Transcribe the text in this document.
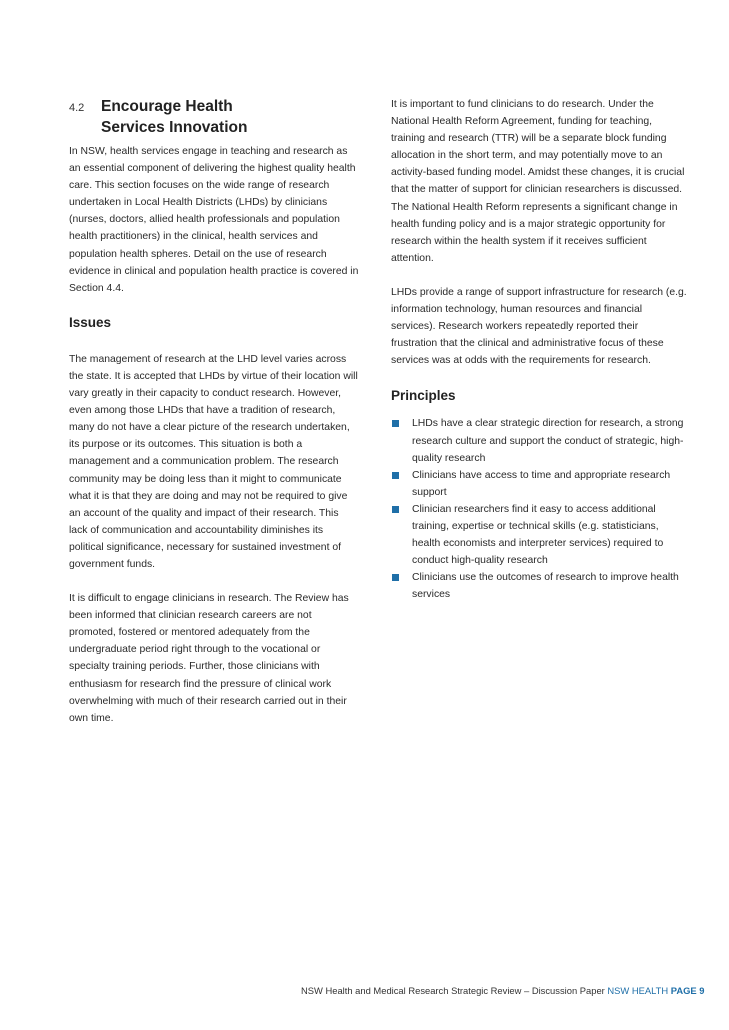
4.2	Encourage Health Services Innovation

In NSW, health services engage in teaching and research as an essential component of delivering the highest quality health care. This section focuses on the wide range of research undertaken in Local Health Districts (LHDs) by clinicians (nurses, doctors, allied health professionals and population health practitioners) in the clinical, health services and population health spheres. Detail on the use of research evidence in clinical and population health practice is covered in Section 4.4.

Issues

The management of research at the LHD level varies across the state. It is accepted that LHDs by virtue of their location will vary greatly in their capacity to conduct research. However, even among those LHDs that have a tradition of research, many do not have a clear picture of the research undertaken, its purpose or its outcomes. This situation is both a management and a communication problem. The research community may be doing less than it might to communicate what it is that they are doing and may not be required to give an account of the quality and impact of their research. This lack of communication and accountability diminishes its political significance, necessary for sustained investment of government funds.

It is difficult to engage clinicians in research. The Review has been informed that clinician research careers are not promoted, fostered or mentored adequately from the undergraduate period right through to the vocational or specialty training periods. Further, those clinicians with enthusiasm for research find the pressure of clinical work overwhelming with much of their research carried out in their own time.

It is important to fund clinicians to do research. Under the National Health Reform Agreement, funding for teaching, training and research (TTR) will be a separate block funding allocation in the short term, and may potentially move to an activity-based funding model. Amidst these changes, it is crucial that the matter of support for clinician researchers is discussed. The National Health Reform represents a significant change in health funding policy and is a major strategic opportunity for research within the health system if it receives sufficient attention.

LHDs provide a range of support infrastructure for research (e.g. information technology, human resources and financial services). Research workers repeatedly reported their frustration that the clinical and administrative focus of these services was at odds with the requirements for research.

Principles
LHDs have a clear strategic direction for research, a strong research culture and support the conduct of strategic, high-quality research
Clinicians have access to time and appropriate research support
Clinician researchers find it easy to access additional training, expertise or technical skills (e.g. statisticians, health economists and interpreter services) required to conduct high-quality research
Clinicians use the outcomes of research to improve health services
NSW Health and Medical Research Strategic Review – Discussion Paper NSW HEALTH PAGE 9
